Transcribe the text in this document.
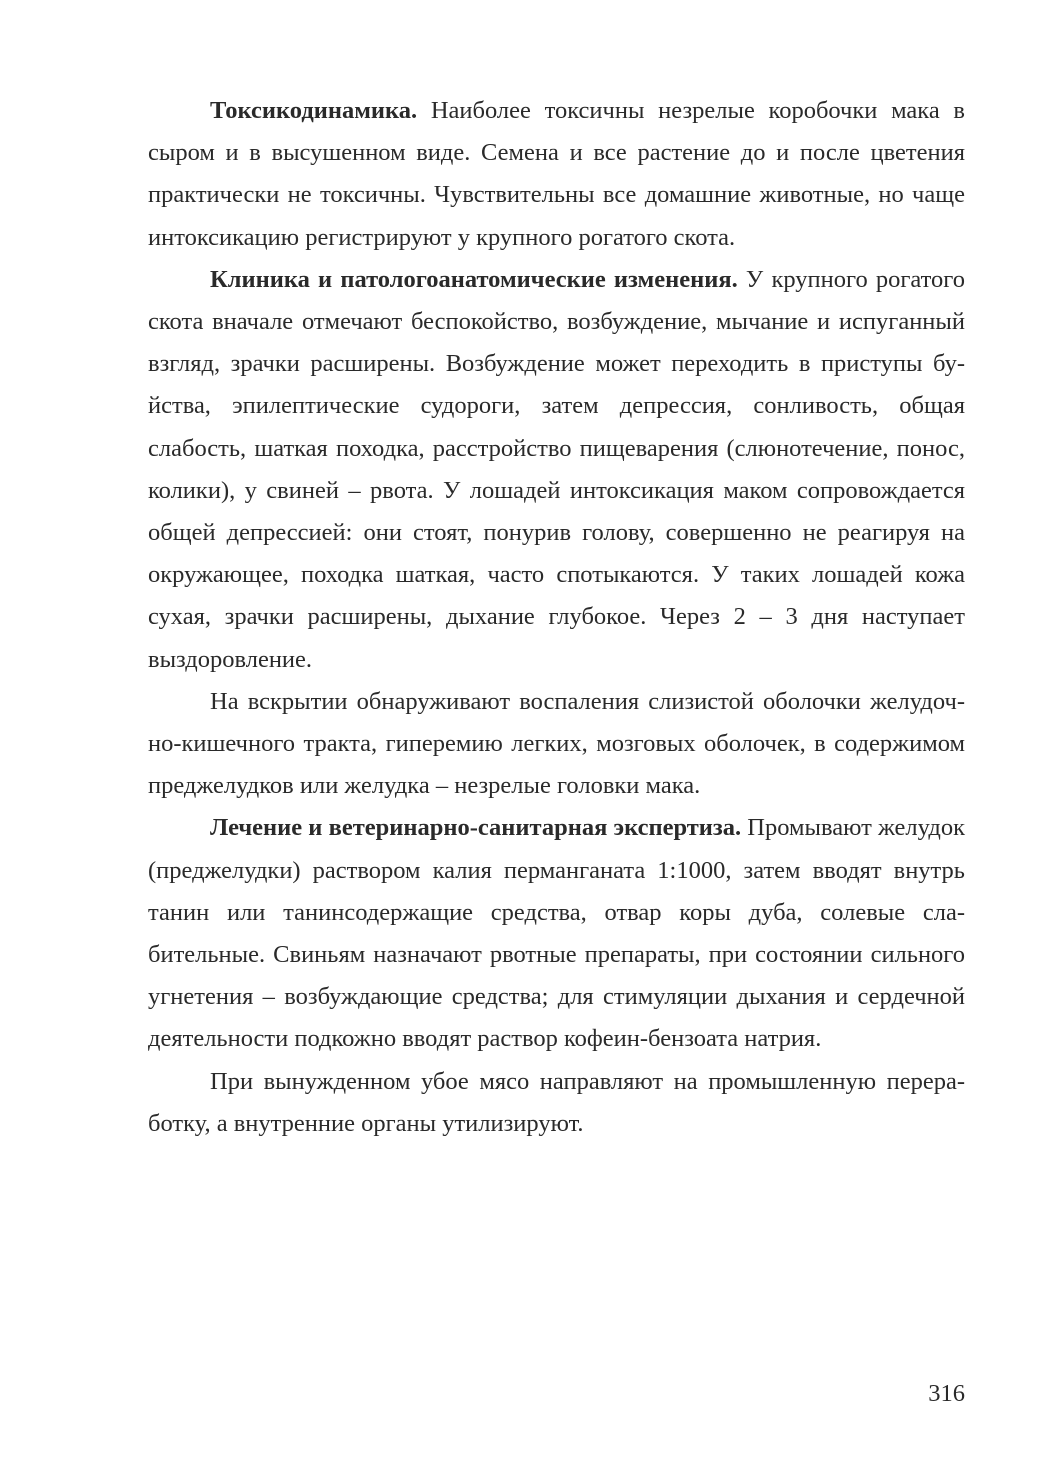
Токсикодинамика. Наиболее токсичны незрелые коробочки мака в сыром и в высушенном виде. Семена и все растение до и после цветения практически не токсичны. Чувствительны все домашние животные, но чаще интоксикацию регистрируют у крупного рогатого скота.

Клиника и патологоанатомические изменения. У крупного рогатого скота вначале отмечают беспокойство, возбуждение, мычание и испуганный взгляд, зрачки расширены. Возбуждение может переходить в приступы буйства, эпилептические судороги, затем депрессия, сонливость, общая слабость, шаткая походка, расстройство пищеварения (слюнотечение, понос, колики), у свиней – рвота. У лошадей интоксикация маком сопровождается общей депрессией: они стоят, понурив голову, совершенно не реагируя на окружающее, походка шаткая, часто спотыкаются. У таких лошадей кожа сухая, зрачки расширены, дыхание глубокое. Через 2 – 3 дня наступает выздоровление.

На вскрытии обнаруживают воспаления слизистой оболочки желудочно-кишечного тракта, гиперемию легких, мозговых оболочек, в содержимом преджелудков или желудка – незрелые головки мака.

Лечение и ветеринарно-санитарная экспертиза. Промывают желудок (преджелудки) раствором калия перманганата 1:1000, затем вводят внутрь танин или танинсодержащие средства, отвар коры дуба, солевые слабительные. Свиньям назначают рвотные препараты, при состоянии сильного угнетения – возбуждающие средства; для стимуляции дыхания и сердечной деятельности подкожно вводят раствор кофеин-бензоата натрия.

При вынужденном убое мясо направляют на промышленную переработку, а внутренние органы утилизируют.

316
